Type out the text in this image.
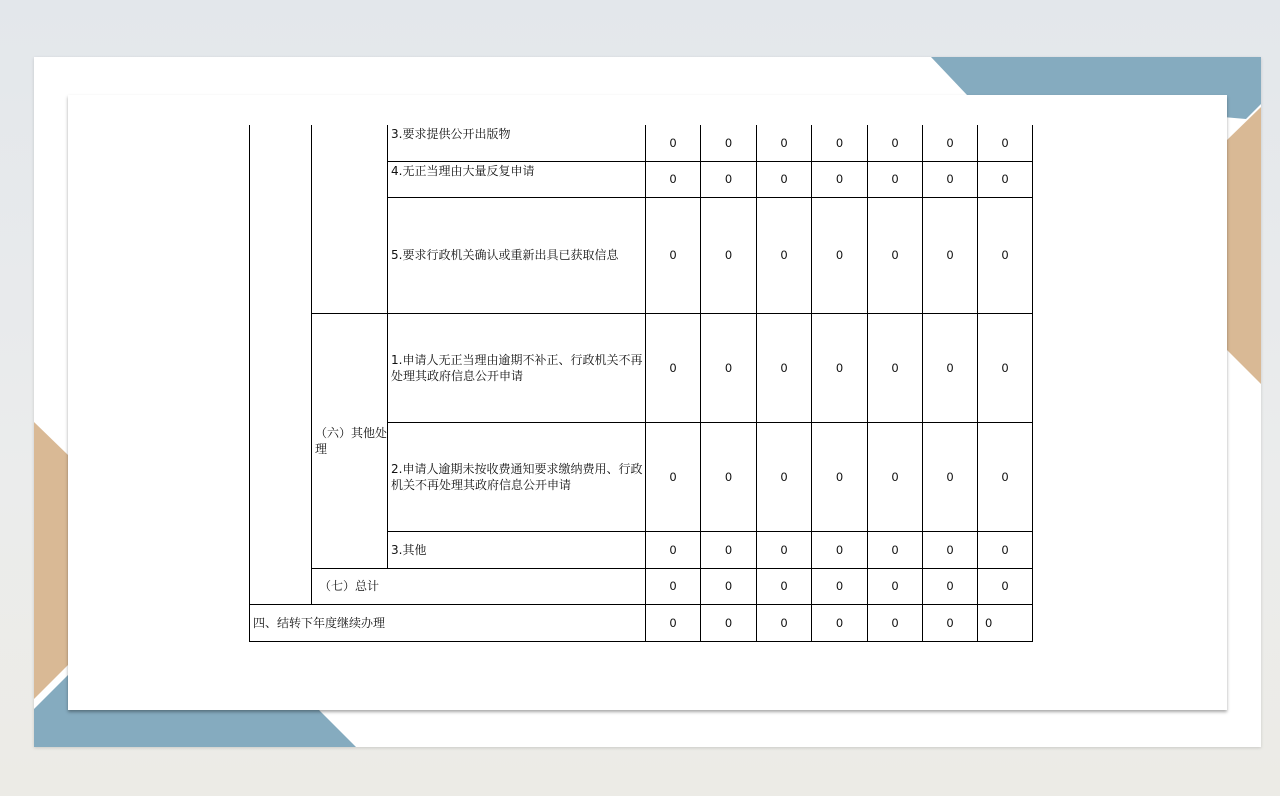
		3.要求提供公开出版物	0	0	0	0	0	0	0
		4.无正当理由大量反复申请	0	0	0	0	0	0	0
		5.要求行政机关确认或重新出具已获取信息	0	0	0	0	0	0	0
	（六）其他处理	1.申请人无正当理由逾期不补正、行政机关不再处理其政府信息公开申请	0	0	0	0	0	0	0
		2.申请人逾期未按收费通知要求缴纳费用、行政机关不再处理其政府信息公开申请	0	0	0	0	0	0	0
		3.其他	0	0	0	0	0	0	0
	（七）总计		0	0	0	0	0	0	0
四、结转下年度继续办理			0	0	0	0	0	0	0
